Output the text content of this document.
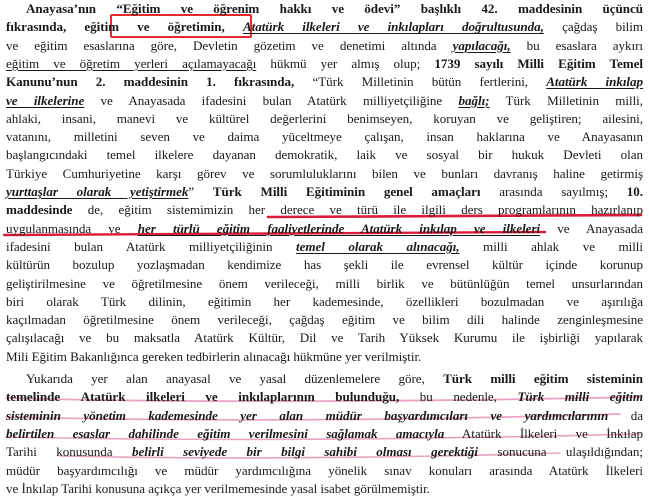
Anayasa’nın “Eğitim ve öğrenim hakkı ve ödevi” başlıklı 42. maddesinin üçüncü
fıkrasında, eğitim ve öğretimin, Atatürk ilkeleri ve inkılapları doğrultusunda, çağdaş bilim
ve eğitim esaslarına göre, Devletin gözetim ve denetimi altında yapılacağı, bu esaslara aykırı
eğitim ve öğretim yerleri açılamayacağı hükmü yer almış olup; 1739 sayılı Milli Eğitim Temel
Kanunu’nun 2. maddesinin 1. fıkrasında, “Türk Milletinin bütün fertlerini, Atatürk inkılap
ve ilkelerine ve Anayasada ifadesini bulan Atatürk milliyetçiliğine bağlı; Türk Milletinin milli,
ahlaki, insani, manevi ve kültürel değerlerini benimseyen, koruyan ve geliştiren; ailesini,
vatanını, milletini seven ve daima yüceltmeye çalışan, insan haklarına ve Anayasanın
başlangıcındaki temel ilkelere dayanan demokratik, laik ve sosyal bir hukuk Devleti olan
Türkiye Cumhuriyetine karşı görev ve sorumluluklarını bilen ve bunları davranış haline getirmiş
yurttaşlar olarak yetiştirmek” Türk Milli Eğitiminin genel amaçları arasında sayılmış; 10.
maddesinde de, eğitim sistemimizin her derece ve türü ile ilgili ders programlarının hazırlanıp
uygulanmasında ve her türlü eğitim faaliyetlerinde Atatürk inkılap ve ilkeleri ve Anayasada
ifadesini bulan Atatürk milliyetçiliğinin temel olarak alınacağı, milli ahlak ve milli
kültürün bozulup yozlaşmadan kendimize has şekli ile evrensel kültür içinde korunup
geliştirilmesine ve öğretilmesine önem verileceği, milli birlik ve bütünlüğün temel unsurlarından
biri olarak Türk dilinin, eğitimin her kademesinde, özellikleri bozulmadan ve aşırılığa
kaçılmadan öğretilmesine önem verileceği, çağdaş eğitim ve bilim dili halinde zenginleşmesine
çalışılacağı ve bu maksatla Atatürk Kültür, Dil ve Tarih Yüksek Kurumu ile işbirliği yapılarak
Mili Eğitim Bakanlığınca gereken tedbirlerin alınacağı hükmüne yer verilmiştir.
Yukarıda yer alan anayasal ve yasal düzenlemelere göre, Türk milli eğitim sisteminin
temelinde Atatürk ilkeleri ve inkılaplarının bulunduğu, bu nedenle, Türk milli eğitim
sisteminin yönetim kademesinde yer alan müdür başyardımcıları ve yardımcılarının da
belirtilen esaslar dahilinde eğitim verilmesini sağlamak amacıyla Atatürk İlkeleri ve İnkılap
Tarihi konusunda belirli seviyede bir bilgi sahibi olması gerektiği sonucuna ulaşıldığından;
müdür başyardımcılığı ve müdür yardımcılığına yönelik sınav konuları arasında Atatürk İlkeleri
ve İnkılap Tarihi konusuna açıkça yer verilmemesinde yasal isabet görülmemiştir.
